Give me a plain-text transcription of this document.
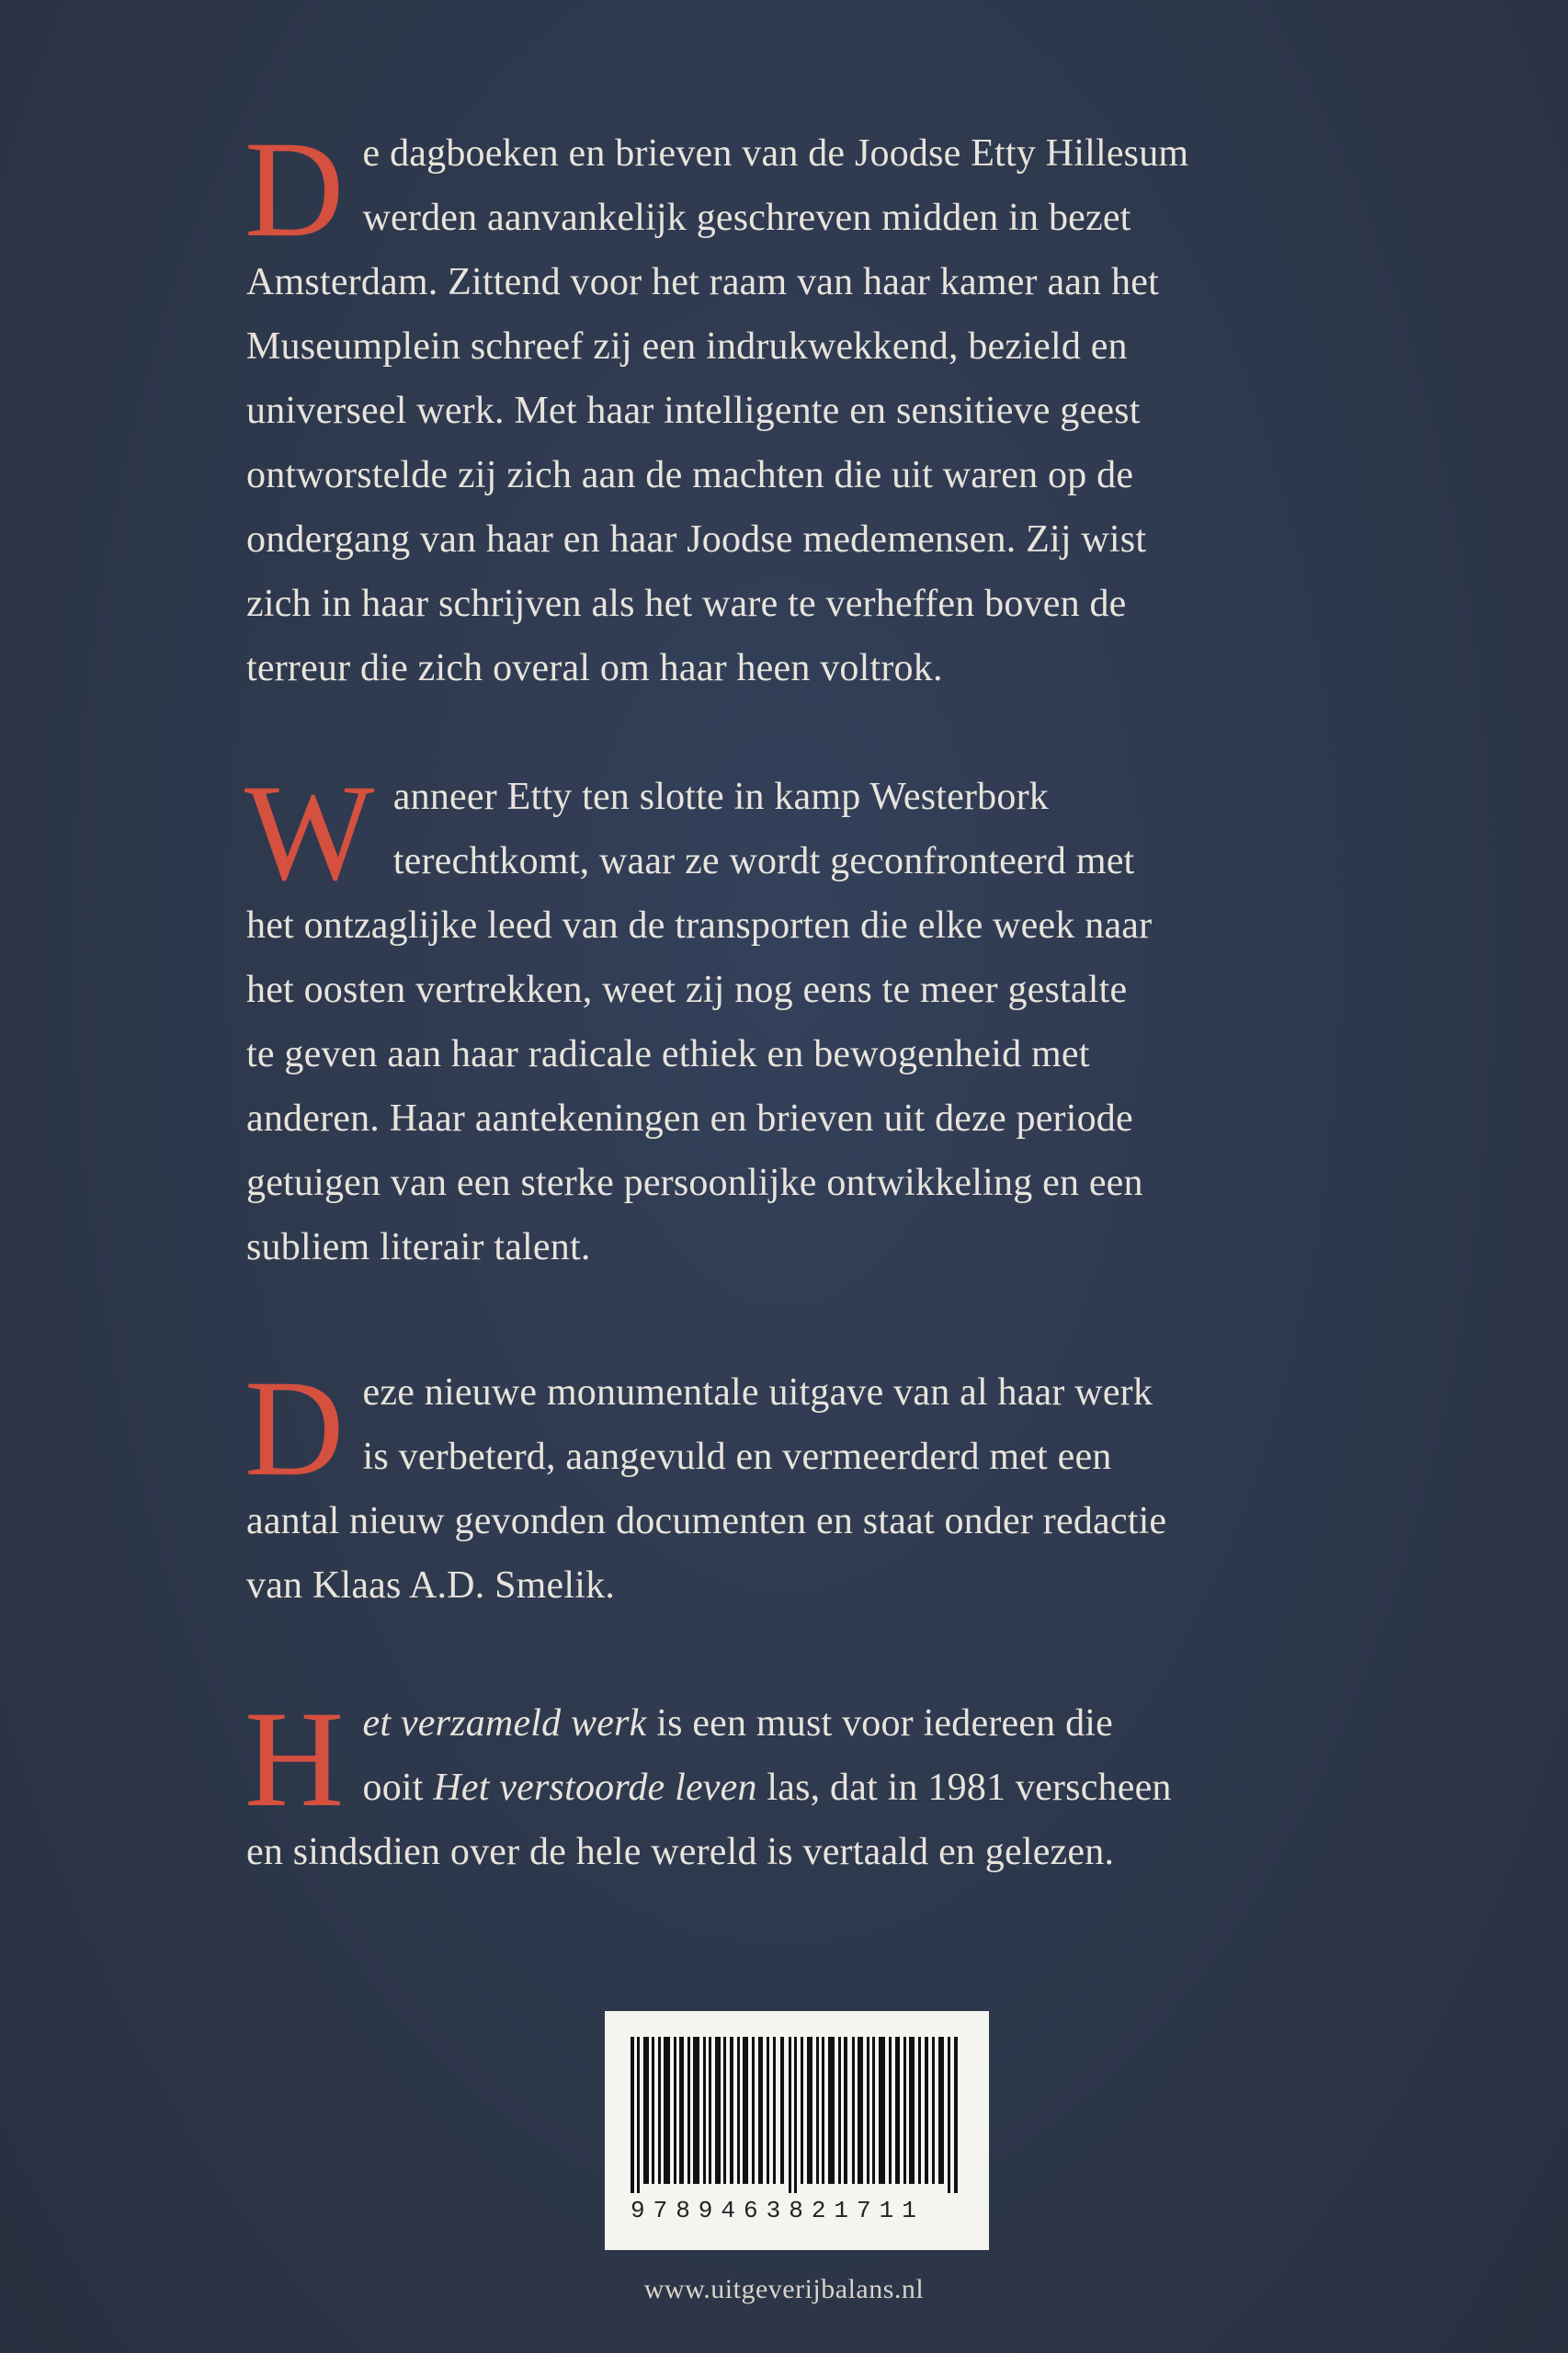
D e dagboeken en brieven van de Joodse Etty Hillesum
werden aanvankelijk geschreven midden in bezet
Amsterdam. Zittend voor het raam van haar kamer aan het
Museumplein schreef zij een indrukwekkend, bezield en
universeel werk. Met haar intelligente en sensitieve geest
ontworstelde zij zich aan de machten die uit waren op de
ondergang van haar en haar Joodse medemensen. Zij wist
zich in haar schrijven als het ware te verheffen boven de
terreur die zich overal om haar heen voltrok.

W anneer Etty ten slotte in kamp Westerbork
terechtkomt, waar ze wordt geconfronteerd met
het ontzaglijke leed van de transporten die elke week naar
het oosten vertrekken, weet zij nog eens te meer gestalte
te geven aan haar radicale ethiek en bewogenheid met
anderen. Haar aantekeningen en brieven uit deze periode
getuigen van een sterke persoonlijke ontwikkeling en een
subliem literair talent.

D eze nieuwe monumentale uitgave van al haar werk
is verbeterd, aangevuld en vermeerderd met een
aantal nieuw gevonden documenten en staat onder redactie
van Klaas A.D. Smelik.

H et verzameld werk is een must voor iedereen die
ooit Het verstoorde leven las, dat in 1981 verscheen
en sindsdien over de hele wereld is vertaald en gelezen.

9789463821711
www.uitgeverijbalans.nl
